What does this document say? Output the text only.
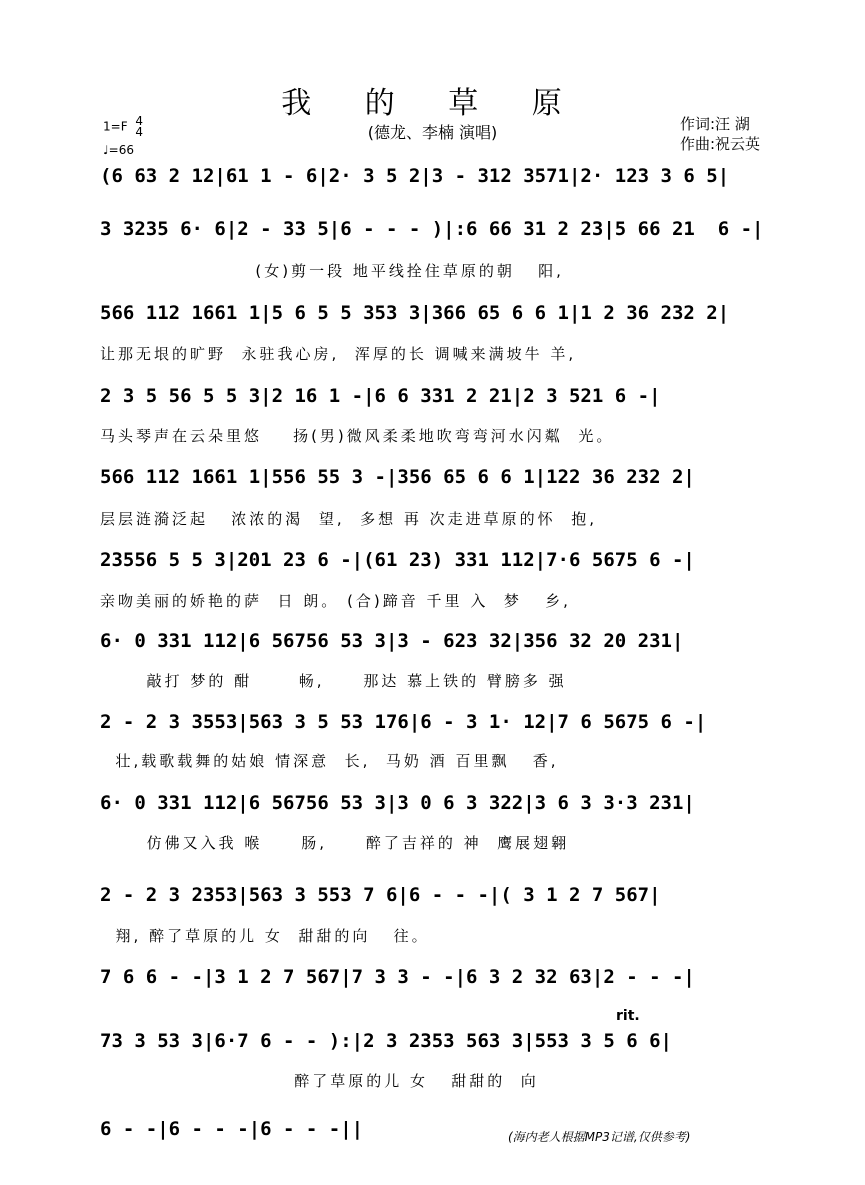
我 的 草 原
(德龙、李楠 演唱)	作词:汪 湖
作曲:祝云英
1=F 4
4
♩=66
(6 63 2 12|61 1 - 6|2· 3 5 2|3 - 312 3571|2· 123 3 6 5|
3 3235 6· 6|2 - 33 5|6 - - - )|:6 66 31 2 23|5 66 21  6 -|
(女)剪一段 地平线拴住草原的朝   阳,
566 112 1661 1|5 6 5 5 353 3|366 65 6 6 1|1 2 36 232 2|
让那无垠的旷野  永驻我心房,  浑厚的长 调喊来满坡牛 羊,
2 3 5 56 5 5 3|2 16 1 -|6 6 331 2 21|2 3 521 6 -|
马头琴声在云朵里悠    扬(男)微风柔柔地吹弯弯河水闪粼  光。
566 112 1661 1|556 55 3 -|356 65 6 6 1|122 36 232 2|
层层涟漪泛起   浓浓的渴  望,  多想 再 次走进草原的怀  抱,
23556 5 5 3|201 23 6 -|(61 23) 331 112|7·6 5675 6 -|
亲吻美丽的娇艳的萨  日 朗。 (合)蹄音 千里 入  梦   乡,
6· 0 331 112|6 56756 53 3|3 - 623 32|356 32 20 231|
敲打 梦的 酣      畅,     那达 慕上铁的 臂膀多 强
2 - 2 3 3553|563 3 5 53 176|6 - 3 1· 12|7 6 5675 6 -|
壮,载歌载舞的姑娘 情深意  长,  马奶 酒 百里飘   香,
6· 0 331 112|6 56756 53 3|3 0 6 3 322|3 6 3 3·3 231|
仿佛又入我 喉     肠,     醉了吉祥的 神  鹰展翅翱
2 - 2 3 2353|563 3 553 7 6|6 - - -|( 3 1 2 7 567|
翔, 醉了草原的儿 女  甜甜的向   往。
7 6 6 - -|3 1 2 7 567|7 3 3 - -|6 3 2 32 63|2 - - -|
rit.
73 3 53 3|6·7 6 - - ):|2 3 2353 563 3|553 3 5 6 6|
醉了草原的儿 女   甜甜的  向
6 - -|6 - - -|6 - - -||	(海内老人根据MP3记谱,仅供参考)
